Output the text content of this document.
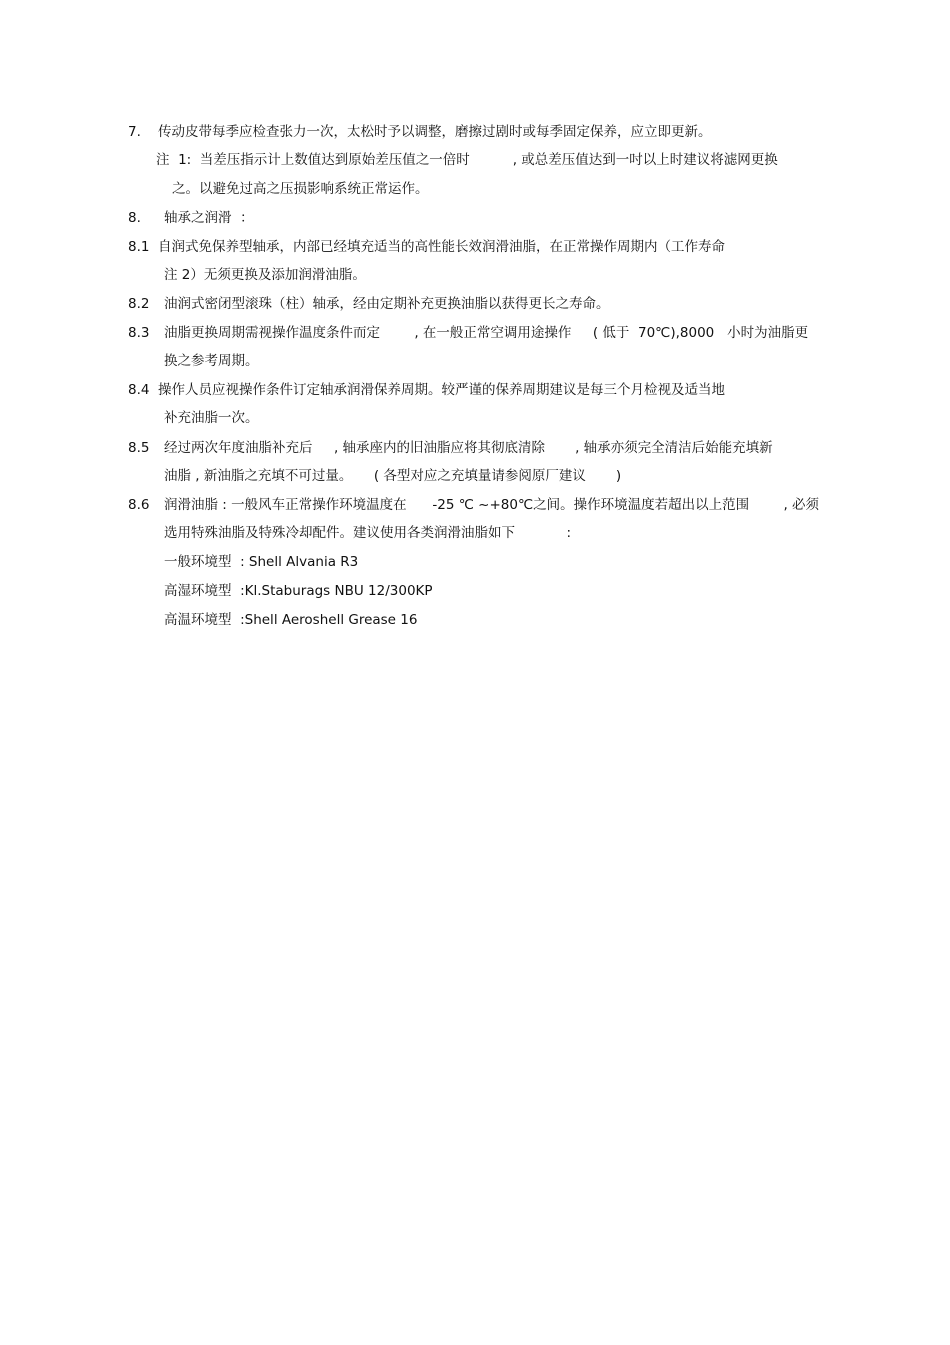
7. 传动皮带每季应检查张力一次，太松时予以调整，磨擦过剧时或每季固定保养，应立即更新。
注  1:  当差压指示计上数值达到原始差压值之一倍时          , 或总差压值达到一吋以上时建议将滤网更换
之。以避免过高之压损影响系统正常运作。
8. 轴承之润滑  ：
8.1 自润式免保养型轴承，内部已经填充适当的高性能长效润滑油脂，在正常操作周期内（工作寿命
注 2）无须更换及添加润滑油脂。
8.2 油润式密闭型滚珠（柱）轴承，经由定期补充更换油脂以获得更长之寿命。
8.3 油脂更换周期需视操作温度条件而定        , 在一般正常空调用途操作     ( 低于  70℃),8000   小时为油脂更
换之参考周期。
8.4 操作人员应视操作条件订定轴承润滑保养周期。较严谨的保养周期建议是每三个月检视及适当地
补充油脂一次。
8.5 经过两次年度油脂补充后     , 轴承座内的旧油脂应将其彻底清除       , 轴承亦须完全清洁后始能充填新
油脂 , 新油脂之充填不可过量。     ( 各型对应之充填量请参阅原厂建议       )
8.6 润滑油脂 : 一般风车正常操作环境温度在      -25 ℃ ~+80℃之间。操作环境温度若超出以上范围        , 必须
选用特殊油脂及特殊冷却配件。建议使用各类润滑油脂如下            :
一般环境型  : Shell Alvania R3
高湿环境型  :Kl.Staburags NBU 12/300KP
高温环境型  :Shell Aeroshell Grease 16
